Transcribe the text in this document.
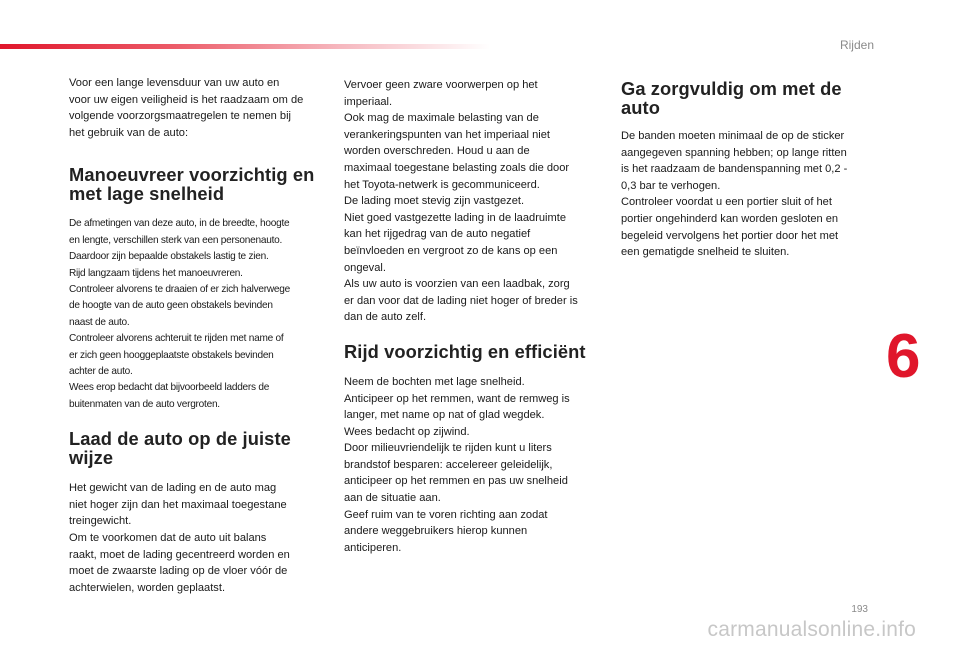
Rijden
6

Voor een lange levensduur van uw auto en
voor uw eigen veiligheid is het raadzaam om de
volgende voorzorgsmaatregelen te nemen bij
het gebruik van de auto:

Manoeuvreer voorzichtig en met lage snelheid

De afmetingen van deze auto, in de breedte, hoogte
en lengte, verschillen sterk van een personenauto.
Daardoor zijn bepaalde obstakels lastig te zien.
Rijd langzaam tijdens het manoeuvreren.
Controleer alvorens te draaien of er zich halverwege
de hoogte van de auto geen obstakels bevinden
naast de auto.
Controleer alvorens achteruit te rijden met name of
er zich geen hooggeplaatste obstakels bevinden
achter de auto.
Wees erop bedacht dat bijvoorbeeld ladders de
buitenmaten van de auto vergroten.

Laad de auto op de juiste wijze

Het gewicht van de lading en de auto mag
niet hoger zijn dan het maximaal toegestane
treingewicht.
Om te voorkomen dat de auto uit balans
raakt, moet de lading gecentreerd worden en
moet de zwaarste lading op de vloer vóór de
achterwielen, worden geplaatst.

Vervoer geen zware voorwerpen op het
imperiaal.
Ook mag de maximale belasting van de
verankeringspunten van het imperiaal niet
worden overschreden. Houd u aan de
maximaal toegestane belasting zoals die door
het Toyota-netwerk is gecommuniceerd.
De lading moet stevig zijn vastgezet.
Niet goed vastgezette lading in de laadruimte
kan het rijgedrag van de auto negatief
beïnvloeden en vergroot zo de kans op een
ongeval.
Als uw auto is voorzien van een laadbak, zorg
er dan voor dat de lading niet hoger of breder is
dan de auto zelf.

Rijd voorzichtig en efficiënt

Neem de bochten met lage snelheid.
Anticipeer op het remmen, want de remweg is
langer, met name op nat of glad wegdek.
Wees bedacht op zijwind.
Door milieuvriendelijk te rijden kunt u liters
brandstof besparen: accelereer geleidelijk,
anticipeer op het remmen en pas uw snelheid
aan de situatie aan.
Geef ruim van te voren richting aan zodat
andere weggebruikers hierop kunnen
anticiperen.

Ga zorgvuldig om met de auto

De banden moeten minimaal de op de sticker
aangegeven spanning hebben; op lange ritten
is het raadzaam de bandenspanning met 0,2 -
0,3 bar te verhogen.
Controleer voordat u een portier sluit of het
portier ongehinderd kan worden gesloten en
begeleid vervolgens het portier door het met
een gematigde snelheid te sluiten.

193
carmanualsonline.info
